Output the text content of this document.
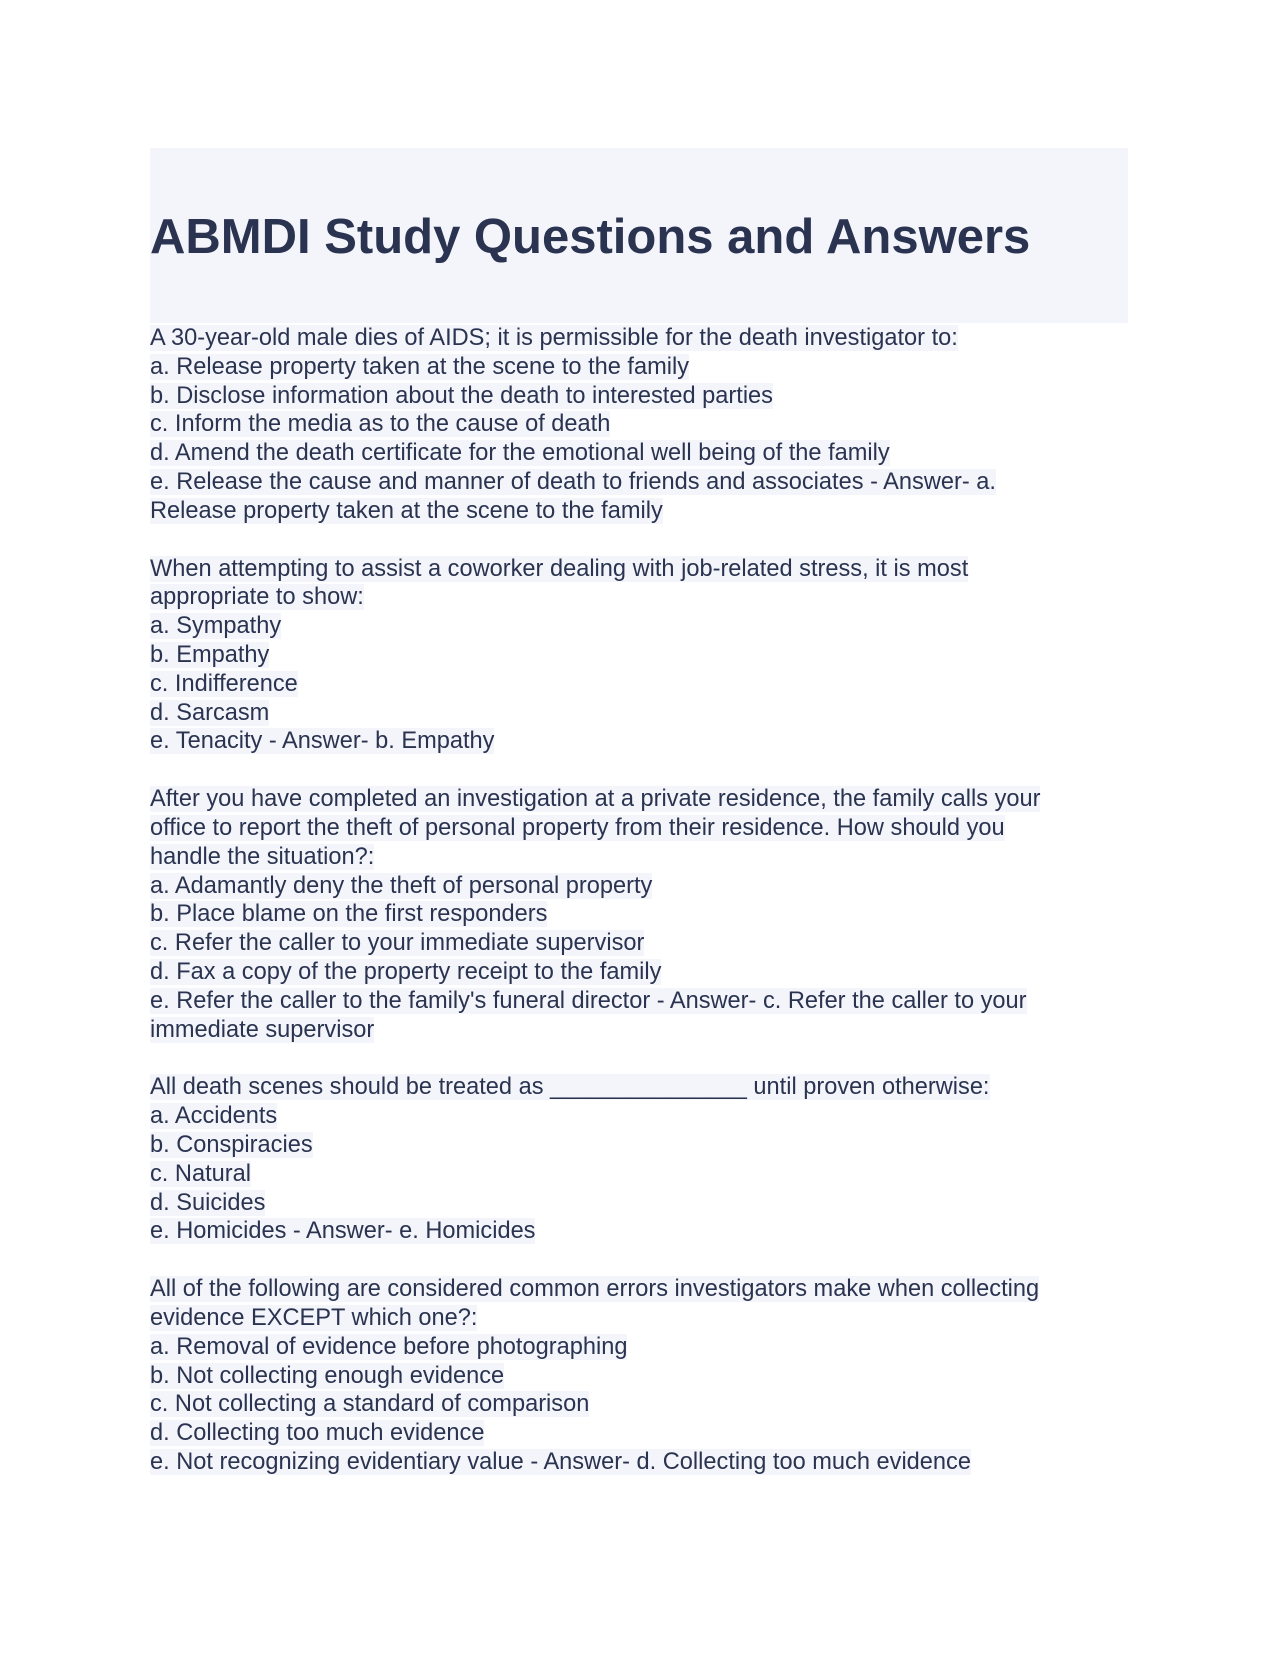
ABMDI Study Questions and Answers
A 30-year-old male dies of AIDS; it is permissible for the death investigator to:
a. Release property taken at the scene to the family
b. Disclose information about the death to interested parties
c. Inform the media as to the cause of death
d. Amend the death certificate for the emotional well being of the family
e. Release the cause and manner of death to friends and associates - Answer- a.
Release property taken at the scene to the family
When attempting to assist a coworker dealing with job-related stress, it is most
appropriate to show:
a. Sympathy
b. Empathy
c. Indifference
d. Sarcasm
e. Tenacity - Answer- b. Empathy
After you have completed an investigation at a private residence, the family calls your
office to report the theft of personal property from their residence. How should you
handle the situation?:
a. Adamantly deny the theft of personal property
b. Place blame on the first responders
c. Refer the caller to your immediate supervisor
d. Fax a copy of the property receipt to the family
e. Refer the caller to the family's funeral director - Answer- c. Refer the caller to your
immediate supervisor
All death scenes should be treated as _______________ until proven otherwise:
a. Accidents
b. Conspiracies
c. Natural
d. Suicides
e. Homicides - Answer- e. Homicides
All of the following are considered common errors investigators make when collecting
evidence EXCEPT which one?:
a. Removal of evidence before photographing
b. Not collecting enough evidence
c. Not collecting a standard of comparison
d. Collecting too much evidence
e. Not recognizing evidentiary value - Answer- d. Collecting too much evidence
